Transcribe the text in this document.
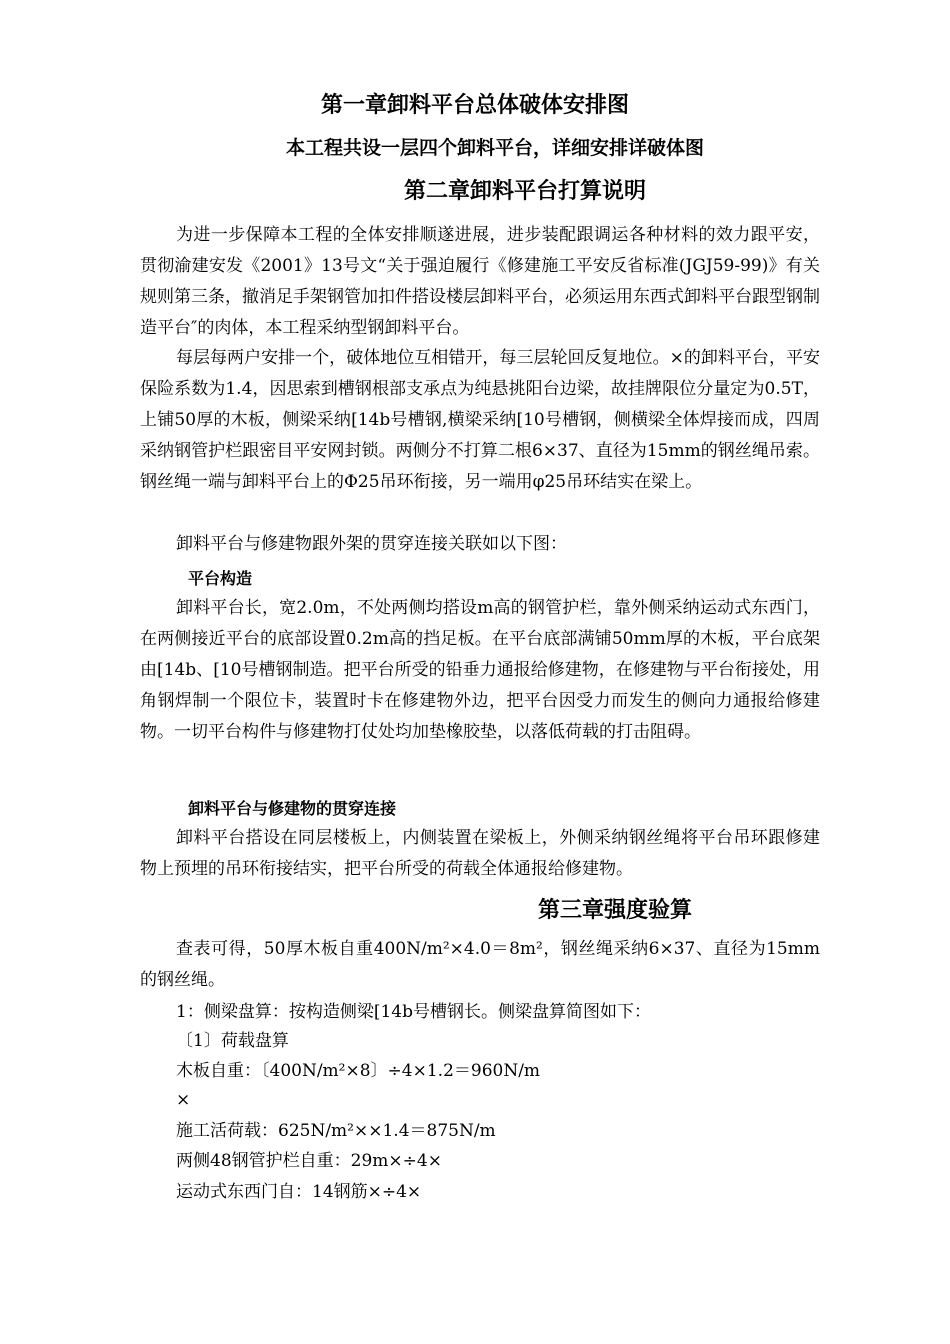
第一章卸料平台总体破体安排图
本工程共设一层四个卸料平台，详细安排详破体图
第二章卸料平台打算说明

为进一步保障本工程的全体安排顺遂进展，进步装配跟调运各种材料的效力跟平安，贯彻渝建安发《2001》13号文“关于强迫履行《修建施工平安反省标准(JGJ59-99)》有关规则第三条，撤消足手架钢管加扣件搭设楼层卸料平台，必须运用东西式卸料平台跟型钢制造平台″的肉体，本工程采纳型钢卸料平台。

每层每两户安排一个，破体地位互相错开，每三层轮回反复地位。×的卸料平台，平安保险系数为1.4，因思索到槽钢根部支承点为纯悬挑阳台边梁，故挂牌限位分量定为0.5T，上铺50厚的木板，侧梁采纳[14b号槽钢,横梁采纳[10号槽钢，侧横梁全体焊接而成，四周采纳钢管护栏跟密目平安网封锁。两侧分不打算二根6×37、直径为15mm的钢丝绳吊索。钢丝绳一端与卸料平台上的Φ25吊环衔接，另一端用φ25吊环结实在梁上。

卸料平台与修建物跟外架的贯穿连接关联如以下图：

平台构造

卸料平台长，宽2.0m，不处两侧均搭设m高的钢管护栏，靠外侧采纳运动式东西门，在两侧接近平台的底部设置0.2m高的挡足板。在平台底部满铺50mm厚的木板，平台底架由[14b、[10号槽钢制造。把平台所受的铅垂力通报给修建物，在修建物与平台衔接处，用角钢焊制一个限位卡，装置时卡在修建物外边，把平台因受力而发生的侧向力通报给修建物。一切平台构件与修建物打仗处均加垫橡胶垫，以落低荷载的打击阻碍。

卸料平台与修建物的贯穿连接

卸料平台搭设在同层楼板上，内侧装置在梁板上，外侧采纳钢丝绳将平台吊环跟修建物上预埋的吊环衔接结实，把平台所受的荷载全体通报给修建物。

第三章强度验算

查表可得，50厚木板自重400N/m²×4.0＝8m²，钢丝绳采纳6×37、直径为15mm的钢丝绳。

1：侧梁盘算：按构造侧梁[14b号槽钢长。侧梁盘算简图如下：

〔1〕荷载盘算

木板自重：〔400N/m²×8〕÷4×1.2＝960N/m

×

施工活荷载：625N/m²××1.4＝875N/m

两侧48钢管护栏自重：29m×÷4×

运动式东西门自：14钢筋×÷4×
